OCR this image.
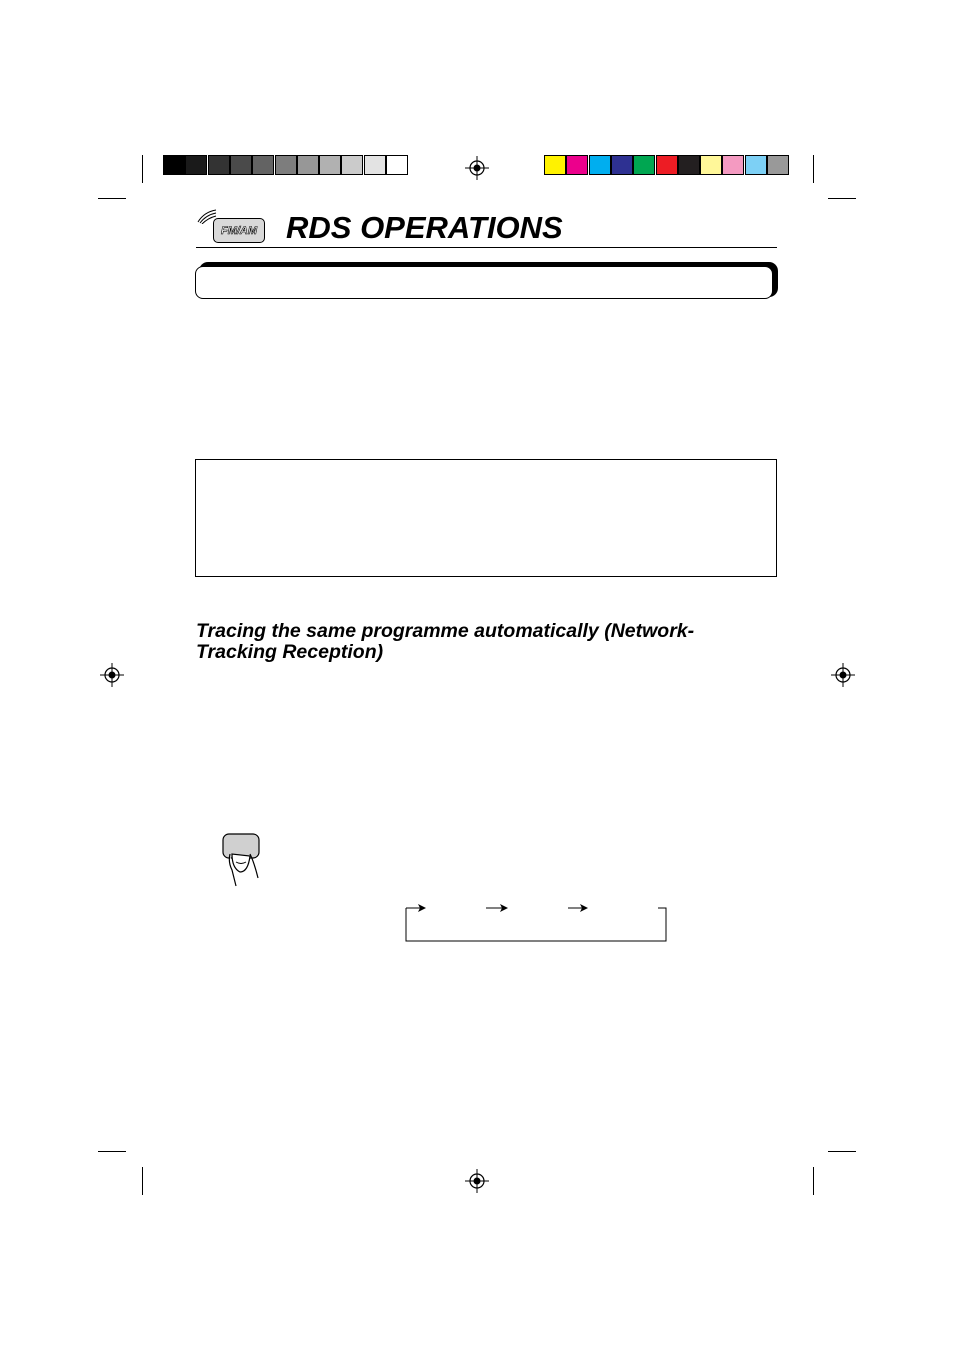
FM/AM RDS OPERATIONS
Tracing the same programme automatically (Network-Tracking Reception)
